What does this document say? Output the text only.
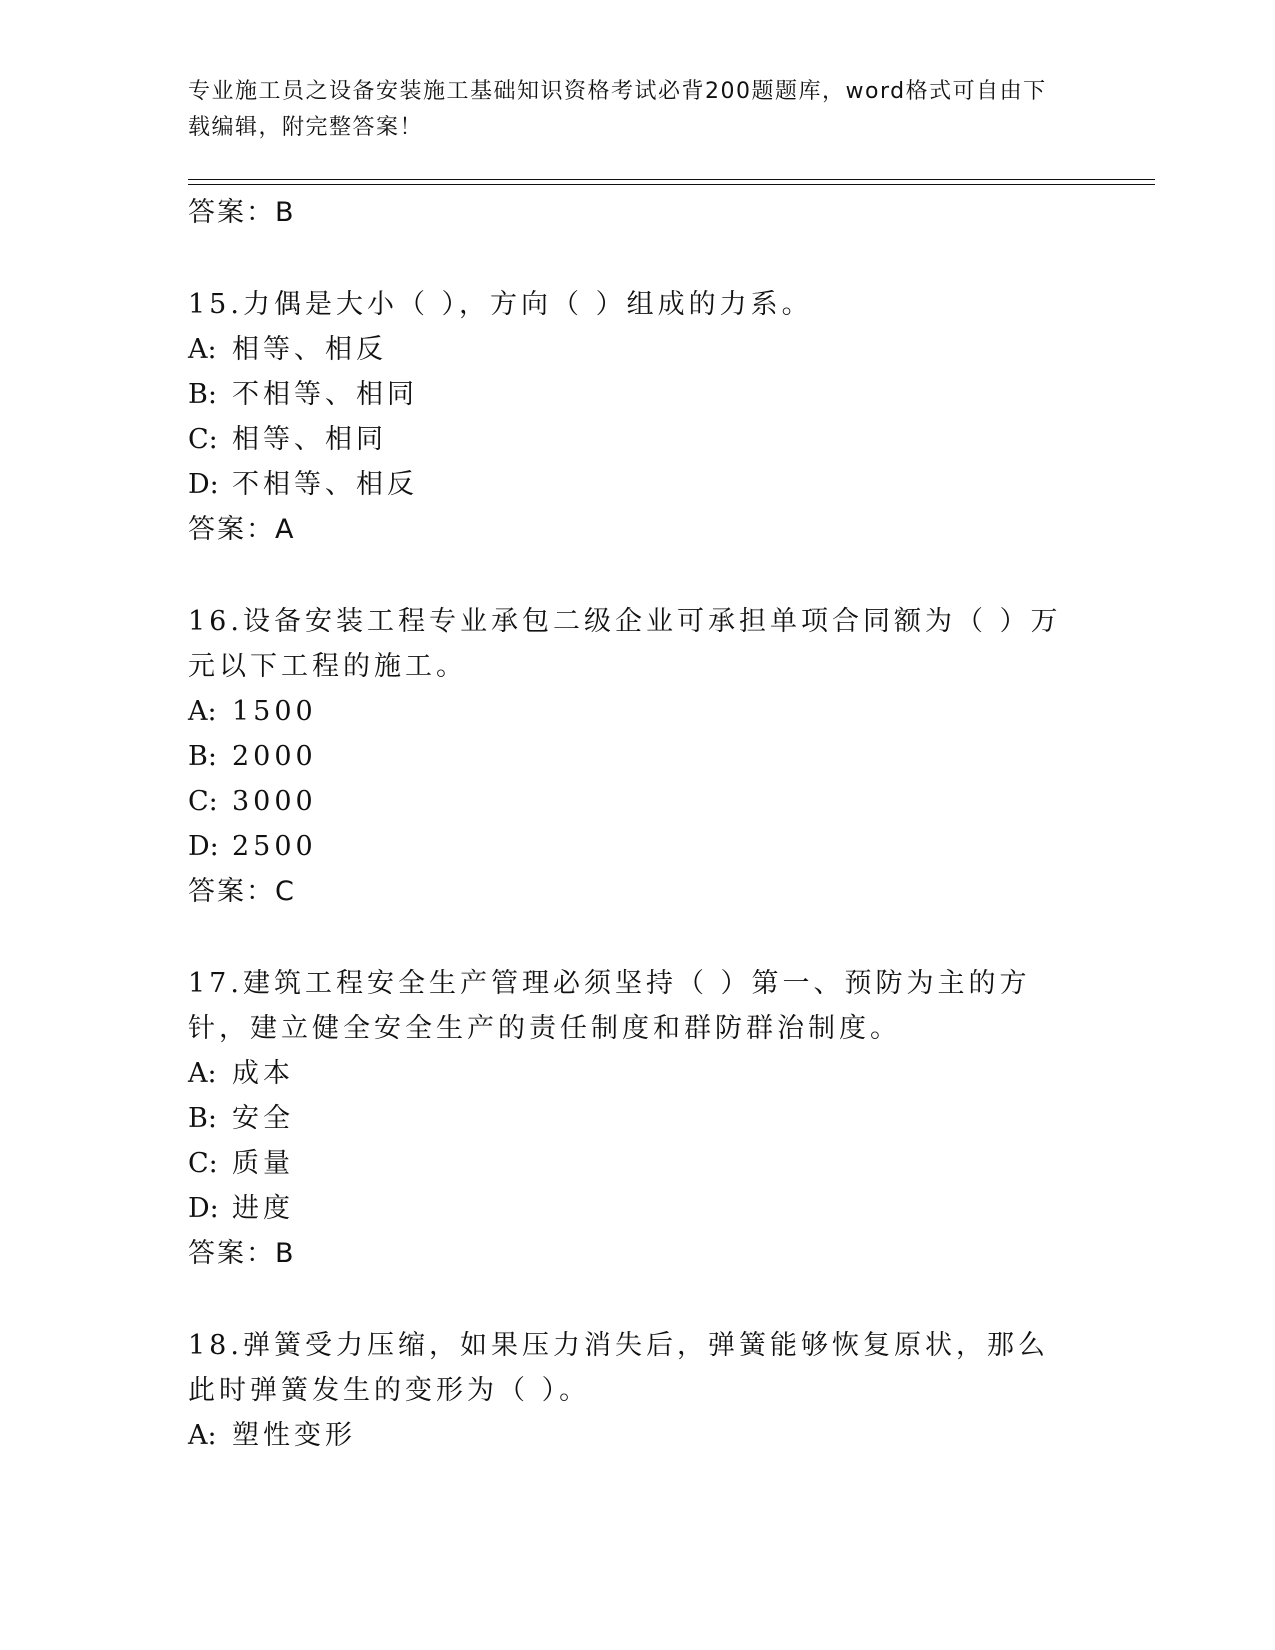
专业施工员之设备安装施工基础知识资格考试必背200题题库，word格式可自由下载编辑，附完整答案！
答案：B
15.力偶是大小（ ），方向（ ）组成的力系。
A: 相等、相反
B: 不相等、相同
C: 相等、相同
D: 不相等、相反
答案：A
16.设备安装工程专业承包二级企业可承担单项合同额为（ ）万元以下工程的施工。
A: 1500
B: 2000
C: 3000
D: 2500
答案：C
17.建筑工程安全生产管理必须坚持（ ）第一、预防为主的方针，建立健全安全生产的责任制度和群防群治制度。
A: 成本
B: 安全
C: 质量
D: 进度
答案：B
18.弹簧受力压缩，如果压力消失后，弹簧能够恢复原状，那么此时弹簧发生的变形为（ ）。
A: 塑性变形
